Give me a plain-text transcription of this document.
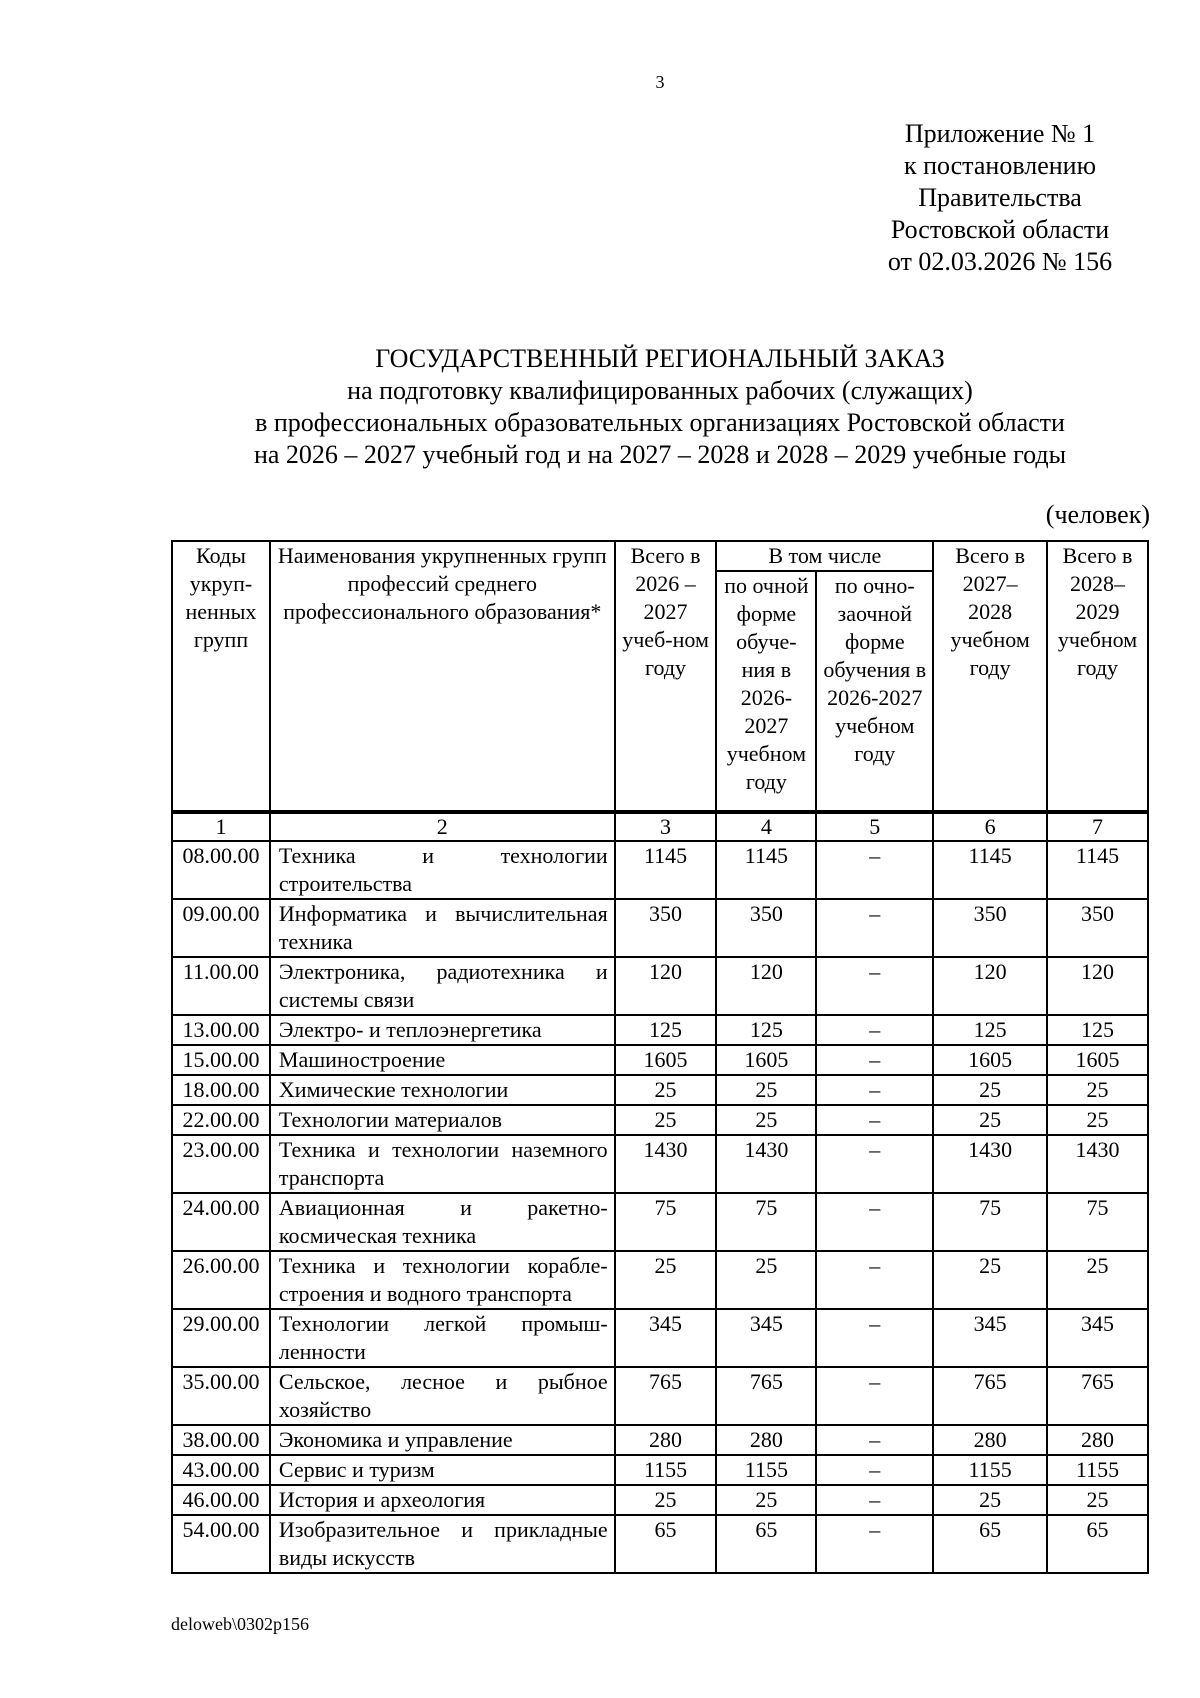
3
Приложение № 1
к постановлению
Правительства
Ростовской области
от 02.03.2026 № 156
ГОСУДАРСТВЕННЫЙ РЕГИОНАЛЬНЫЙ ЗАКАЗ
на подготовку квалифицированных рабочих (служащих)
в профессиональных образовательных организациях Ростовской области
на 2026 – 2027 учебный год и на 2027 – 2028 и 2028 – 2029 учебные годы
(человек)
Коды укруп-ненных групп	Наименования укрупненных групп профессий среднего профессионального образования*	Всего в 2026 – 2027 учеб-ном году	В том числе		Всего в 2027– 2028 учебном году	Всего в 2028– 2029 учебном году
			по очной форме обуче-ния в 2026-2027 учебном году	по очно-заочной форме обучения в 2026-2027 учебном году		
1	2	3	4	5	6	7
08.00.00	Техника и технологии строительства	1145	1145	–	1145	1145
09.00.00	Информатика и вычислительная техника	350	350	–	350	350
11.00.00	Электроника, радиотехника и системы связи	120	120	–	120	120
13.00.00	Электро- и теплоэнергетика	125	125	–	125	125
15.00.00	Машиностроение	1605	1605	–	1605	1605
18.00.00	Химические технологии	25	25	–	25	25
22.00.00	Технологии материалов	25	25	–	25	25
23.00.00	Техника и технологии наземного транспорта	1430	1430	–	1430	1430
24.00.00	Авиационная и ракетно-космическая техника	75	75	–	75	75
26.00.00	Техника и технологии корабле-строения и водного транспорта	25	25	–	25	25
29.00.00	Технологии легкой промыш-ленности	345	345	–	345	345
35.00.00	Сельское, лесное и рыбное хозяйство	765	765	–	765	765
38.00.00	Экономика и управление	280	280	–	280	280
43.00.00	Сервис и туризм	1155	1155	–	1155	1155
46.00.00	История и археология	25	25	–	25	25
54.00.00	Изобразительное и прикладные виды искусств	65	65	–	65	65
deloweb\0302p156
